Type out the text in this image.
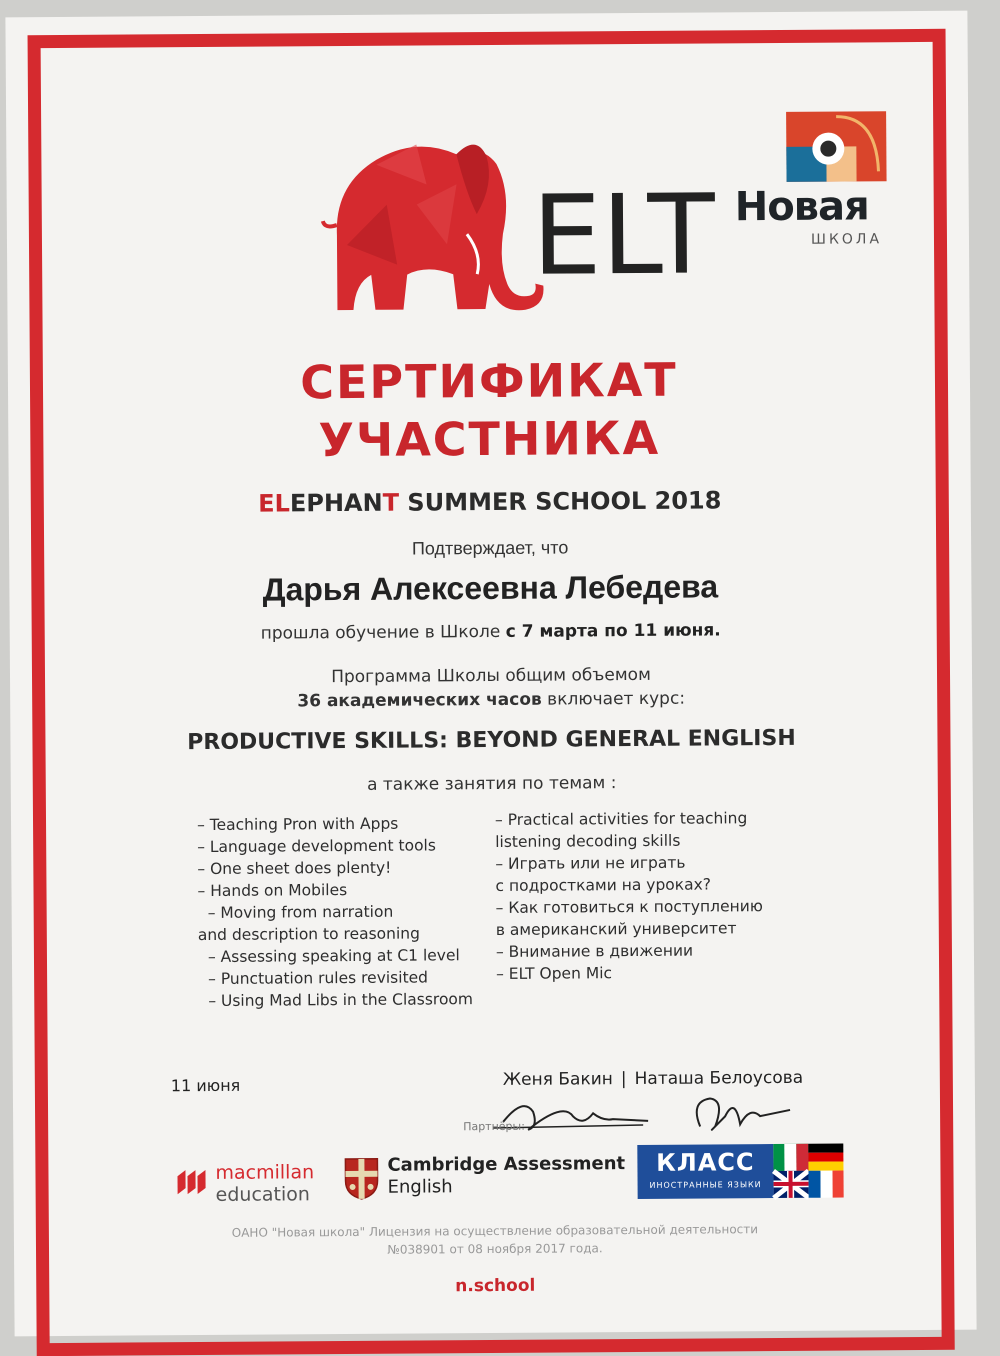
ELT Новая
ШКОЛА
СЕРТИФИКАТ
УЧАСТНИКА
ELEPHANT SUMMER SCHOOL 2018
Подтверждает, что
Дарья Алексеевна Лебедева
прошла обучение в Школе с 7 марта по 11 июня.
Программа Школы общим объемом
36 академических часов включает курс:
PRODUCTIVE SKILLS: BEYOND GENERAL ENGLISH
а также занятия по темам :
– Teaching Pron with Apps
– Language development tools
– One sheet does plenty!
– Hands on Mobiles
– Moving from narration
and description to reasoning
– Assessing speaking at C1 level
– Punctuation rules revisited
– Using Mad Libs in the Classroom
– Practical activities for teaching
listening decoding skills
– Играть или не играть
с подростками на уроках?
– Как готовиться к поступлению
в американский университет
– Внимание в движении
– ELT Open Mic
11 июня	Женя Бакин | Наташа Белоусова
Партнёры:
macmillan
education
Cambridge Assessment
English
КЛАСС
ИНОСТРАННЫЕ ЯЗЫКИ
ОАНО "Новая школа" Лицензия на осуществление образовательной деятельности
№038901 от 08 ноября 2017 года.
n.school
